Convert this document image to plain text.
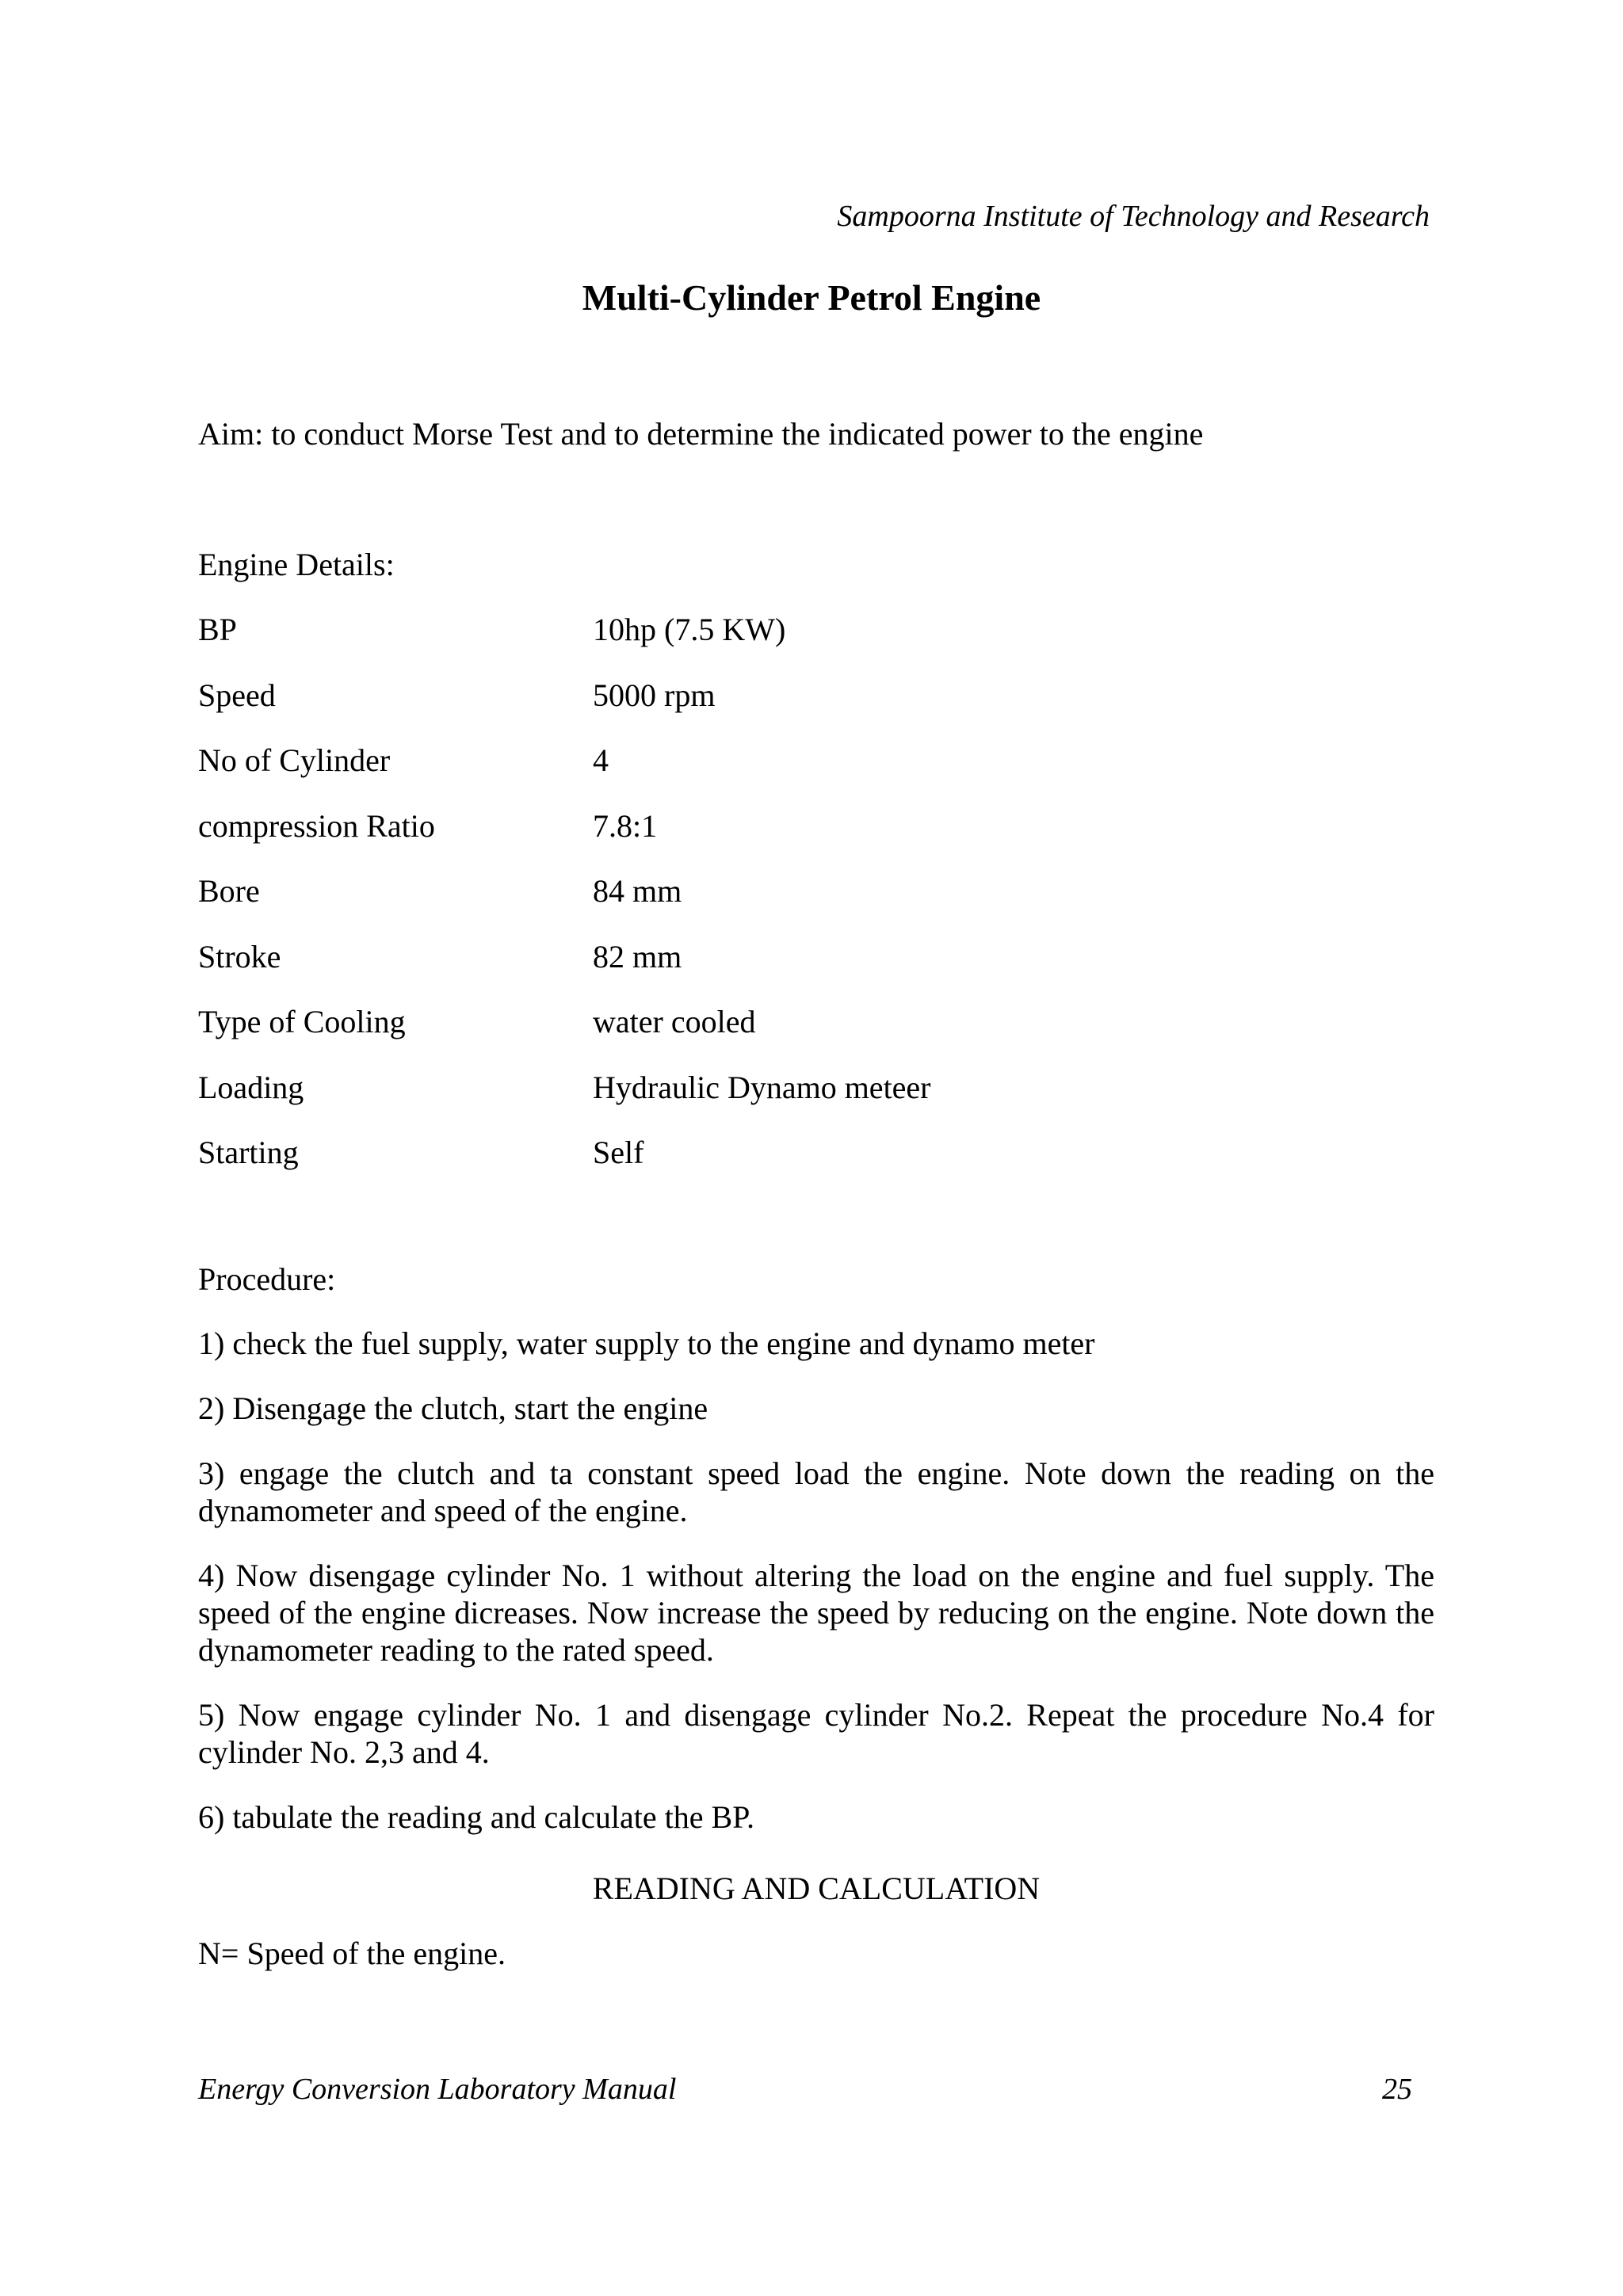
Sampoorna Institute of Technology and Research

Multi-Cylinder Petrol Engine

Aim: to conduct Morse Test and to determine the indicated power to the engine

Engine Details:

BP	10hp (7.5 KW)
Speed	5000 rpm
No of Cylinder	4
compression Ratio	7.8:1
Bore	84 mm
Stroke	82 mm
Type of Cooling	water cooled
Loading	Hydraulic Dynamo meteer
Starting	Self

Procedure:

1) check the fuel supply, water supply to the engine and dynamo meter

2) Disengage the clutch, start the engine

3) engage the clutch and ta constant speed load the engine. Note down the reading on the dynamometer and speed of the engine.

4) Now disengage cylinder No. 1 without altering the load on the engine and fuel supply. The speed of the engine dicreases. Now increase the speed by reducing on the engine. Note down the dynamometer reading to the rated speed.

5) Now engage cylinder No. 1 and disengage cylinder No.2. Repeat the procedure No.4 for cylinder No. 2,3 and 4.

6) tabulate the reading and calculate the BP.

READING AND CALCULATION

N= Speed of the engine.

Energy Conversion Laboratory Manual	25
